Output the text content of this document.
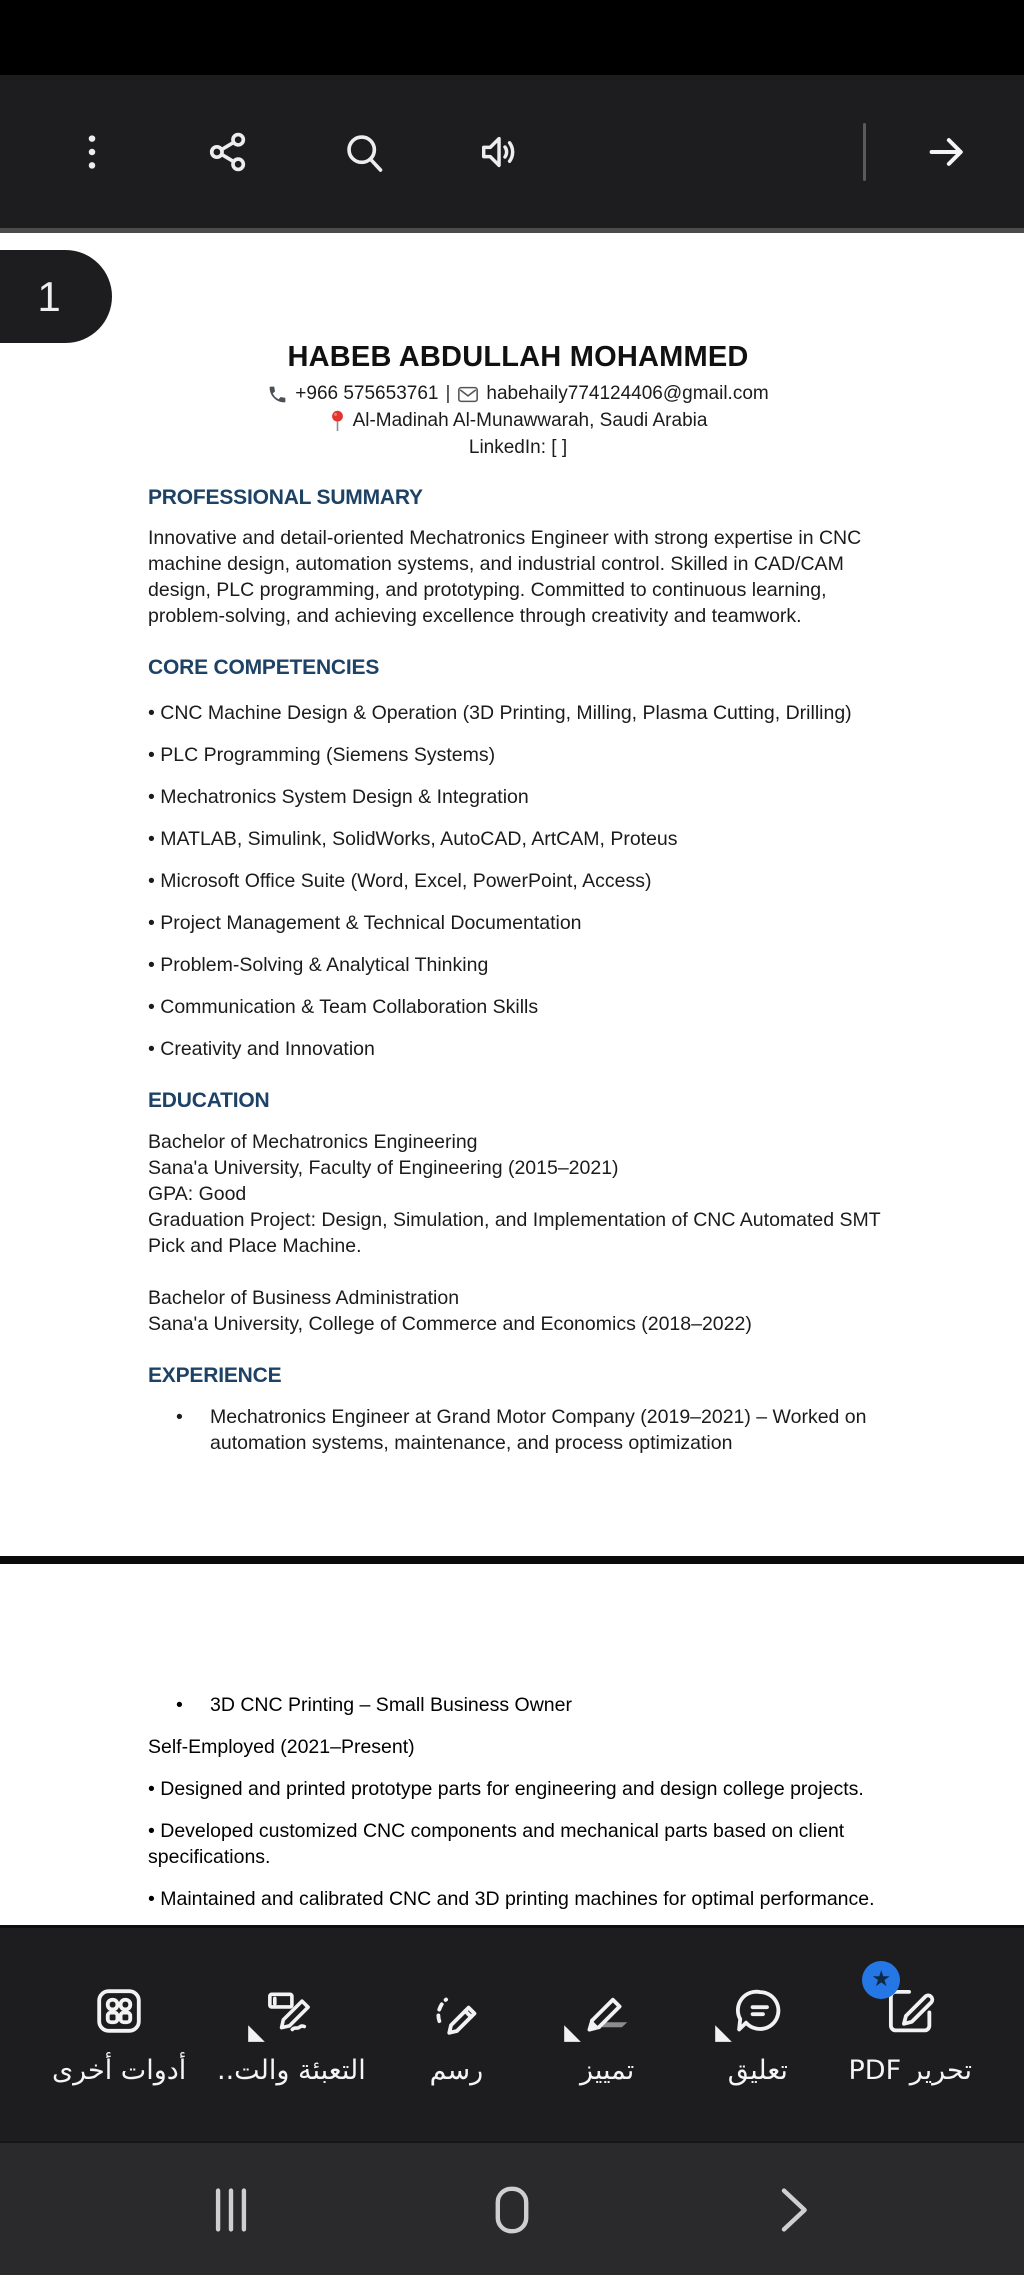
1
HABEB ABDULLAH MOHAMMED
+966 575653761 | habehaily774124406@gmail.com
Al-Madinah Al-Munawwarah, Saudi Arabia
LinkedIn: [ ]
PROFESSIONAL SUMMARY
Innovative and detail-oriented Mechatronics Engineer with strong expertise in CNC machine design, automation systems, and industrial control. Skilled in CAD/CAM design, PLC programming, and prototyping. Committed to continuous learning, problem-solving, and achieving excellence through creativity and teamwork.
CORE COMPETENCIES
• CNC Machine Design & Operation (3D Printing, Milling, Plasma Cutting, Drilling)
• PLC Programming (Siemens Systems)
• Mechatronics System Design & Integration
• MATLAB, Simulink, SolidWorks, AutoCAD, ArtCAM, Proteus
• Microsoft Office Suite (Word, Excel, PowerPoint, Access)
• Project Management & Technical Documentation
• Problem-Solving & Analytical Thinking
• Communication & Team Collaboration Skills
• Creativity and Innovation
EDUCATION
Bachelor of Mechatronics Engineering
Sana'a University, Faculty of Engineering (2015–2021)
GPA: Good
Graduation Project: Design, Simulation, and Implementation of CNC Automated SMT Pick and Place Machine.
Bachelor of Business Administration
Sana'a University, College of Commerce and Economics (2018–2022)
EXPERIENCE
•	Mechatronics Engineer at Grand Motor Company (2019–2021) – Worked on automation systems, maintenance, and process optimization
•	3D CNC Printing – Small Business Owner
Self-Employed (2021–Present)
• Designed and printed prototype parts for engineering and design college projects.
• Developed customized CNC components and mechanical parts based on client specifications.
• Maintained and calibrated CNC and 3D printing machines for optimal performance.
أدوات أخرى التعبئة والت.. رسم	تمييز	تعليق
★
تحرير PDF
